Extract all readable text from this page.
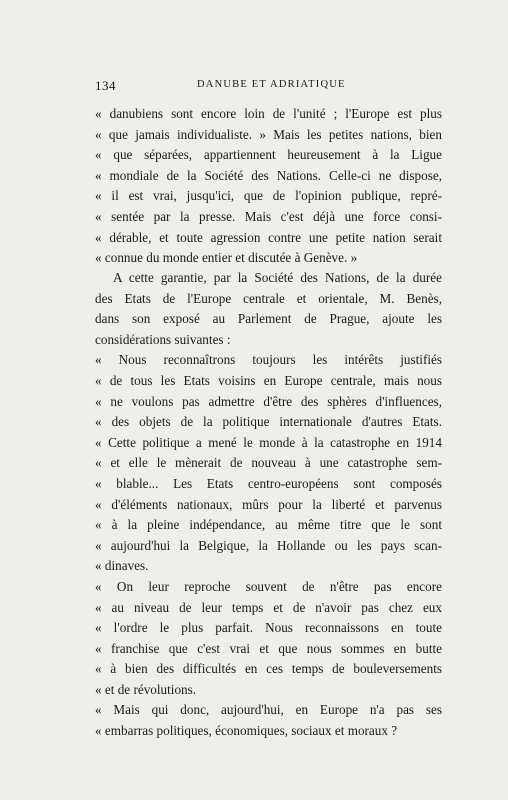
134	DANUBE ET ADRIATIQUE
« danubiens sont encore loin de l'unité ; l'Europe est plus
« que jamais individualiste. » Mais les petites nations, bien
« que séparées, appartiennent heureusement à la Ligue
« mondiale de la Société des Nations. Celle-ci ne dispose,
« il est vrai, jusqu'ici, que de l'opinion publique, repré-
« sentée par la presse. Mais c'est déjà une force consi-
« dérable, et toute agression contre une petite nation serait
« connue du monde entier et discutée à Genève. »
A cette garantie, par la Société des Nations, de la durée
des Etats de l'Europe centrale et orientale, M. Benès,
dans son exposé au Parlement de Prague, ajoute les
considérations suivantes :
« Nous reconnaîtrons toujours les intérêts justifiés
« de tous les Etats voisins en Europe centrale, mais nous
« ne voulons pas admettre d'être des sphères d'influences,
« des objets de la politique internationale d'autres Etats.
« Cette politique a mené le monde à la catastrophe en 1914
« et elle le mènerait de nouveau à une catastrophe sem-
« blable... Les Etats centro-européens sont composés
« d'éléments nationaux, mûrs pour la liberté et parvenus
« à la pleine indépendance, au même titre que le sont
« aujourd'hui la Belgique, la Hollande ou les pays scan-
« dinaves.
« On leur reproche souvent de n'être pas encore
« au niveau de leur temps et de n'avoir pas chez eux
« l'ordre le plus parfait. Nous reconnaissons en toute
« franchise que c'est vrai et que nous sommes en butte
« à bien des difficultés en ces temps de bouleversements
« et de révolutions.
« Mais qui donc, aujourd'hui, en Europe n'a pas ses
« embarras politiques, économiques, sociaux et moraux ?
